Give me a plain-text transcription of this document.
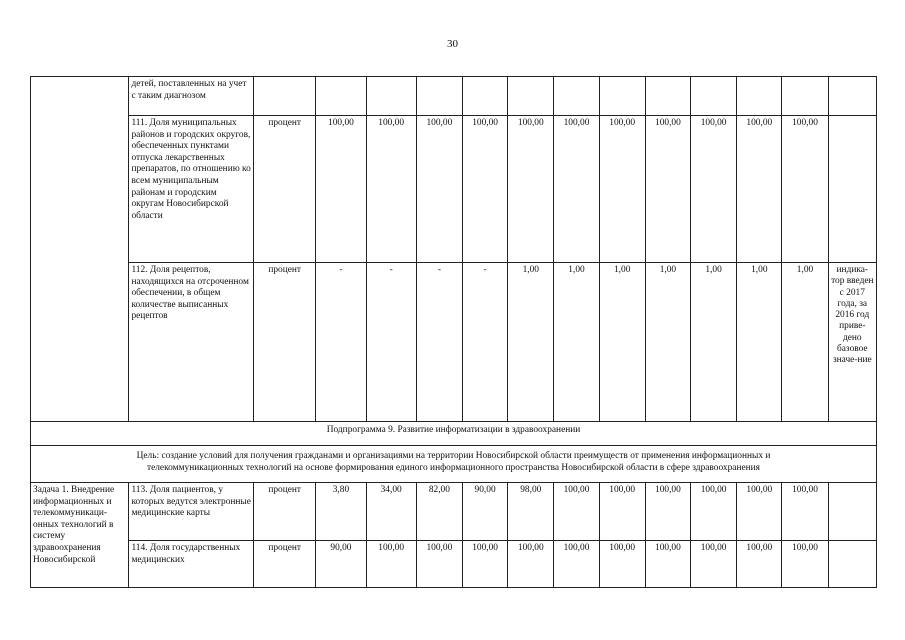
30
	детей, поставленных на учет с таким диагнозом													
	111. Доля муниципальных районов и городских округов, обеспеченных пунктами отпуска лекарственных препаратов, по отношению ко всем муниципальным районам и городским округам Новосибирской области	процент	100,00	100,00	100,00	100,00	100,00	100,00	100,00	100,00	100,00	100,00	100,00	
	112. Доля рецептов, находящихся на отсроченном обеспечении, в общем количестве выписанных рецептов	процент	-	-	-	-	1,00	1,00	1,00	1,00	1,00	1,00	1,00	индика-тор введен с 2017 года, за 2016 год приве-дено базовое значе-ние
Подпрограмма 9. Развитие информатизации в здравоохранении														
Цель: создание условий для получения гражданами и организациями на территории Новосибирской области преимуществ от применения информационных и телекоммуникационных технологий на основе формирования единого информационного пространства Новосибирской области в сфере здравоохранения														
Задача 1. Внедрение информационных и телекоммуникаци-онных технологий в систему здравоохранения Новосибирской	113. Доля пациентов, у которых ведутся электронные медицинские карты	процент	3,80	34,00	82,00	90,00	98,00	100,00	100,00	100,00	100,00	100,00	100,00	
	114. Доля государственных медицинских	процент	90,00	100,00	100,00	100,00	100,00	100,00	100,00	100,00	100,00	100,00	100,00	
